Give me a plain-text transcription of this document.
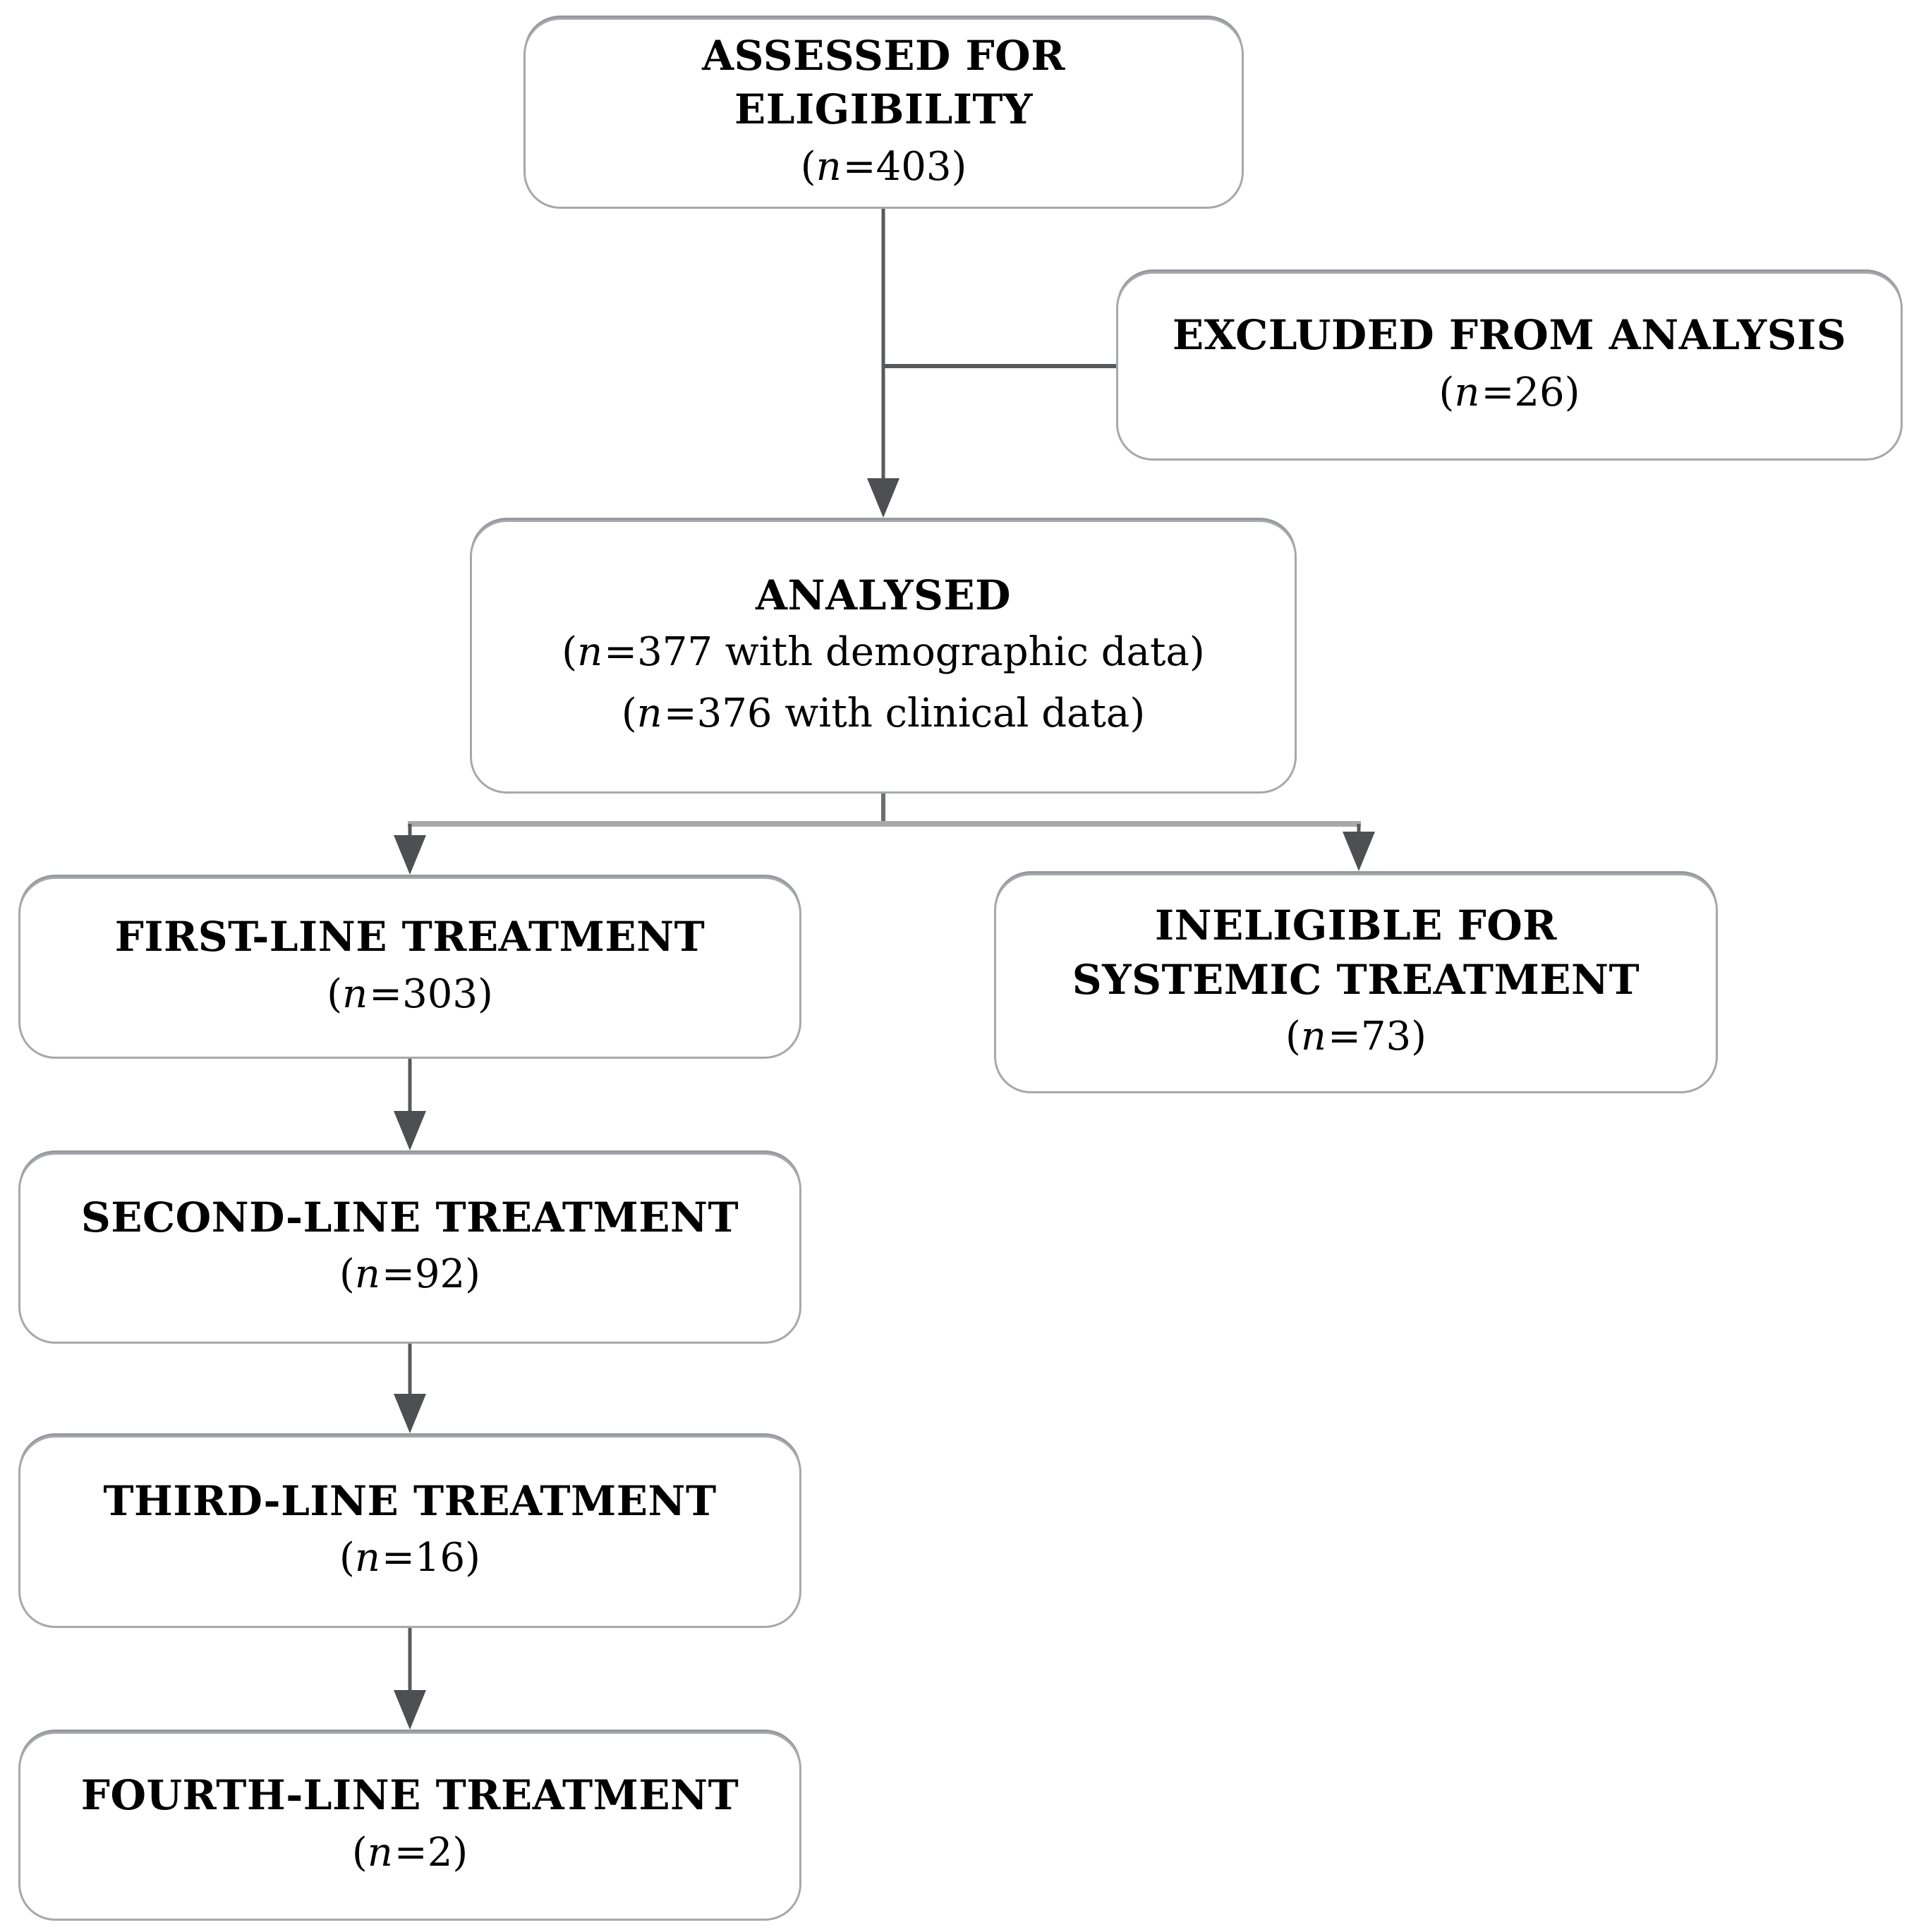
ASSESSED FOR ELIGIBILITY
(n=403)
EXCLUDED FROM ANALYSIS
(n=26)
ANALYSED
(n=377 with demographic data)
(n=376 with clinical data)
FIRST-LINE TREATMENT
(n=303)
INELIGIBLE FOR SYSTEMIC TREATMENT
(n=73)
SECOND-LINE TREATMENT
(n=92)
THIRD-LINE TREATMENT
(n=16)
FOURTH-LINE TREATMENT
(n=2)
